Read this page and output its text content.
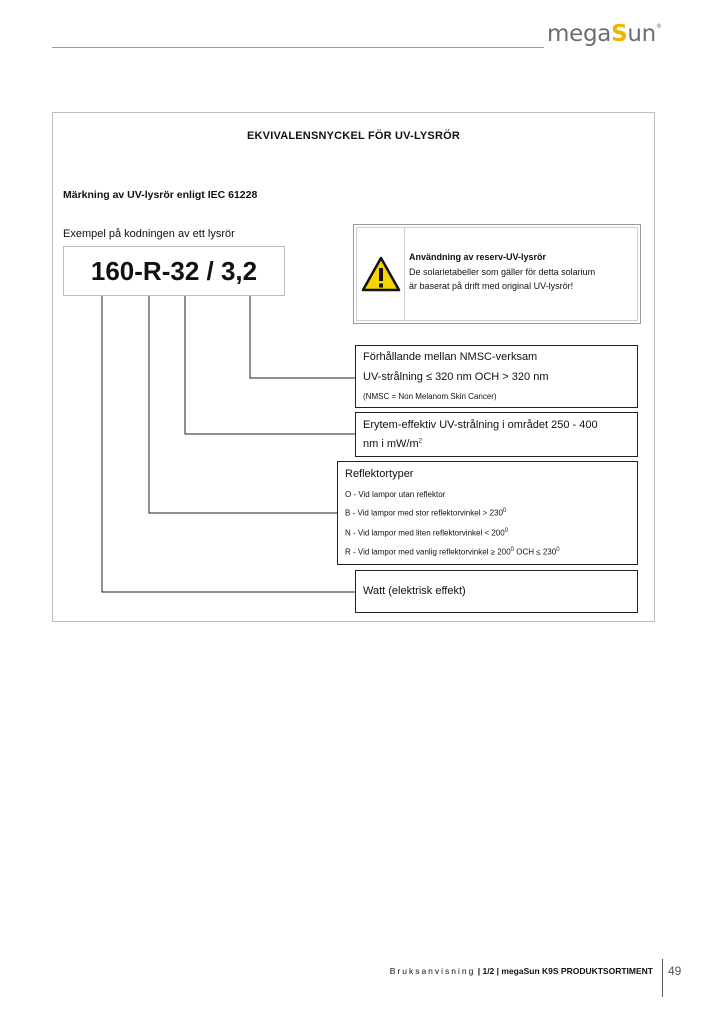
megaSun®
EKVIVALENSNYCKEL FÖR UV-LYSRÖR
Märkning av UV-lysrör enligt IEC 61228
Exempel på kodningen av ett lysrör
160-R-32 / 3,2	Användning av reserv-UV-lysrör
De solarietabeller som gäller för detta solarium
är baserat på drift med original UV-lysrör!
Förhållande mellan NMSC-verksam
UV-strålning ≤ 320 nm OCH > 320 nm
(NMSC = Non Melanom Skin Cancer)
Erytem-effektiv UV-strålning i området 250 - 400
nm i $mW/m^2$
Reflektortyper
O - Vid lampor utan reflektor
B - Vid lampor med stor reflektorvinkel > $230^0$
N - Vid lampor med liten reflektorvinkel < $200^0$
R - Vid lampor med vanlig reflektorvinkel ≥ $200^0$ OCH ≤ $230^0$
Watt (elektrisk effekt)
Bruksanvisning | 1/2 | megaSun K9S PRODUKTSORTIMENT 49
